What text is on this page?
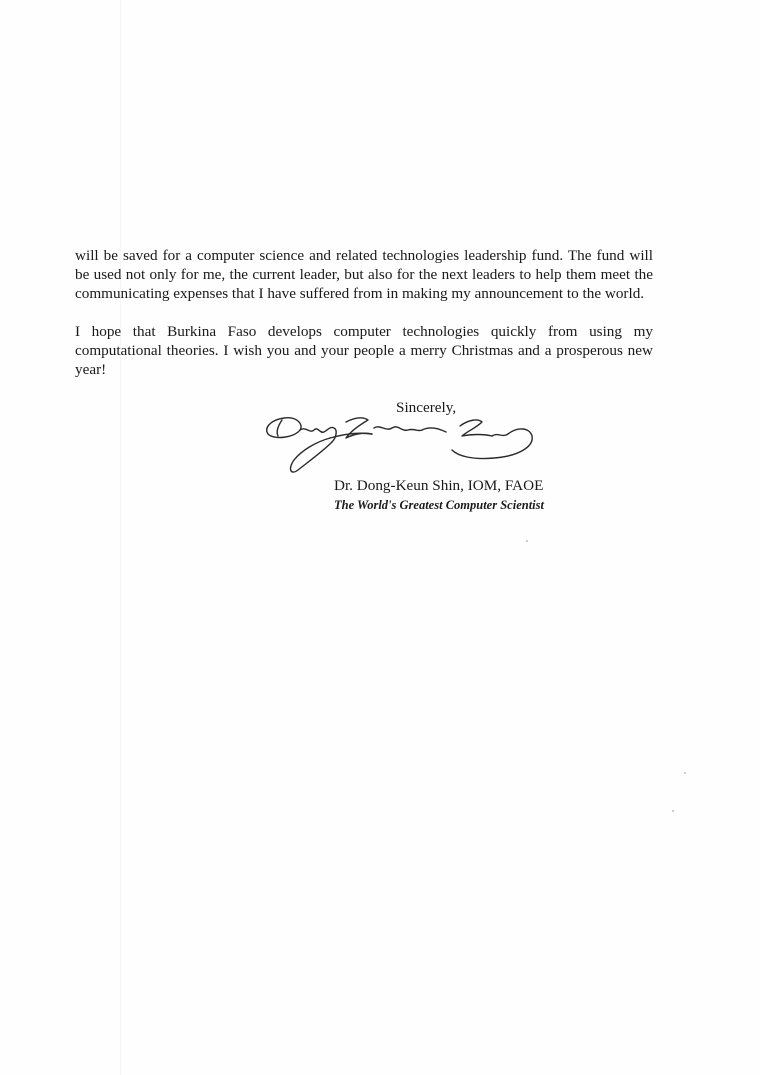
will be saved for a computer science and related technologies leadership fund. The fund will be used not only for me, the current leader, but also for the next leaders to help them meet the communicating expenses that I have suffered from in making my announcement to the world.

I hope that Burkina Faso develops computer technologies quickly from using my computational theories. I wish you and your people a merry Christmas and a prosperous new year!

Sincerely,
Dr. Dong-Keun Shin, IOM, FAOE
The World's Greatest Computer Scientist
